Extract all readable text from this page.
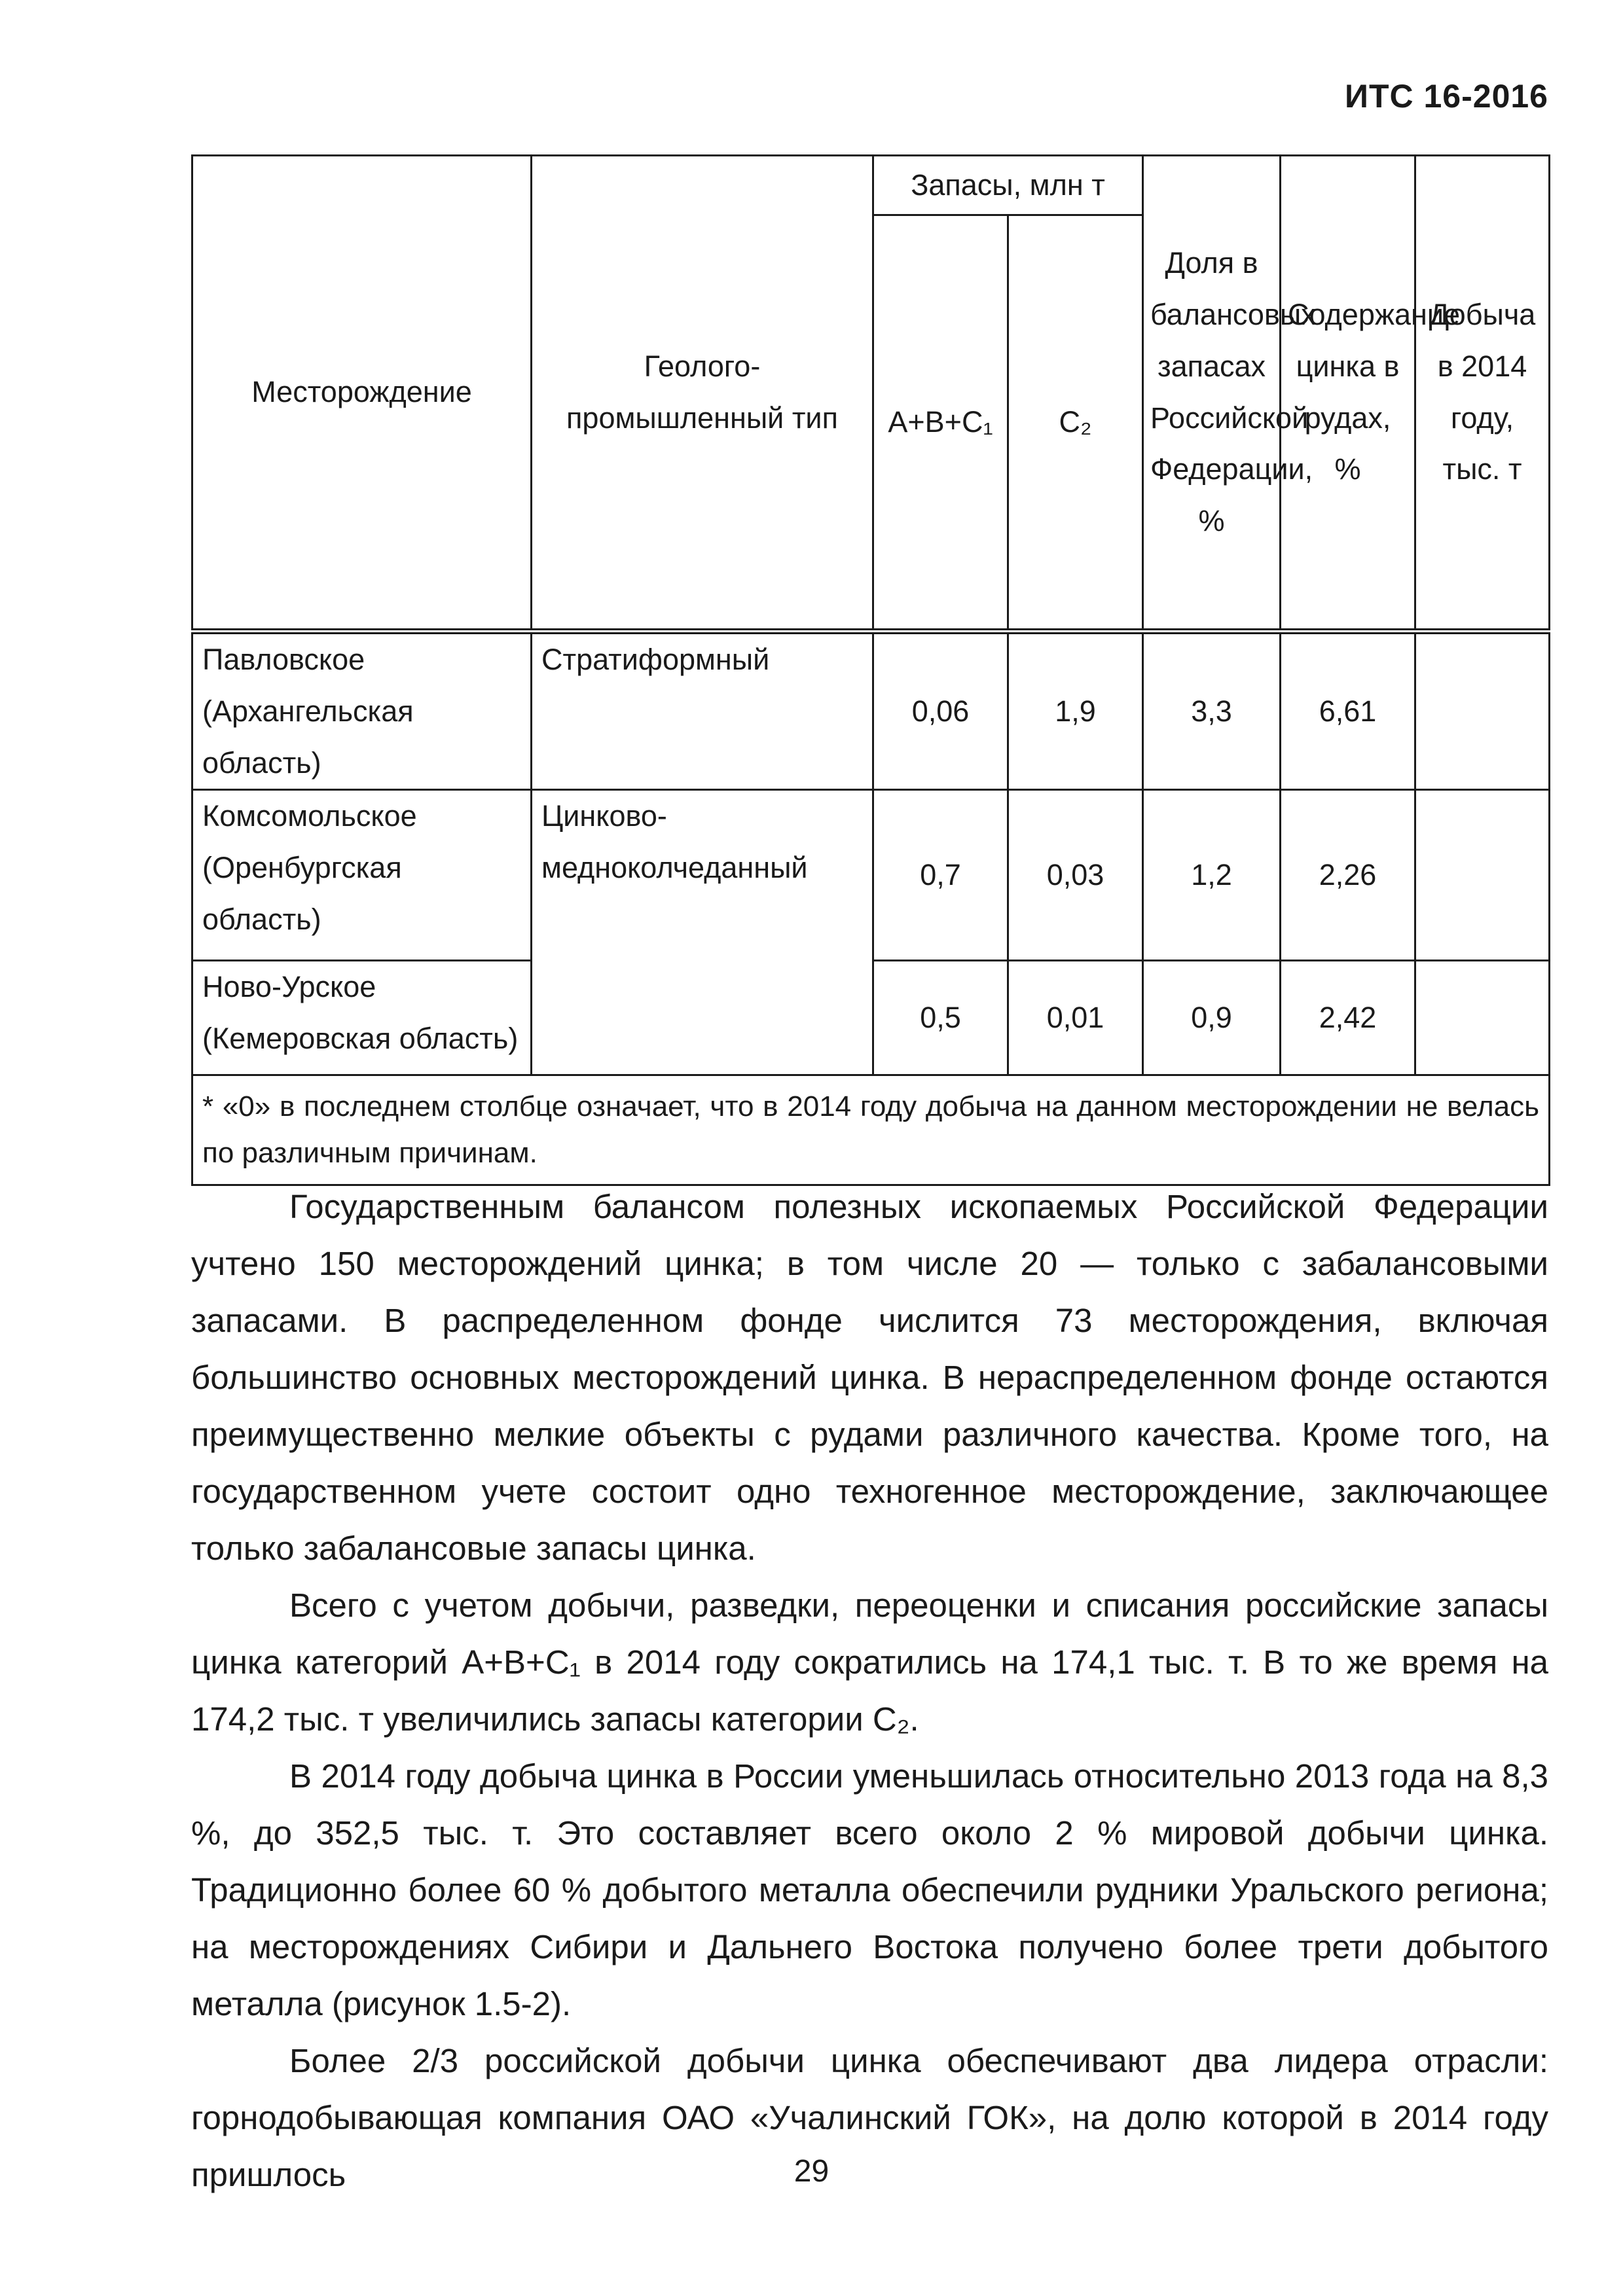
ИТС 16-2016
Месторождение	Геолого-промышленный тип	Запасы, млн т		Доля в балансовых запасах Российской Федерации, %	Содержание цинка в рудах, %	Добыча в 2014 году, тыс. т
		A+B+C₁	C₂			
Павловское (Архангельская область)	Стратиформный	0,06	1,9	3,3	6,61	
Комсомольское (Оренбургская область)	Цинково-медноколчеданный	0,7	0,03	1,2	2,26	
Ново-Урское (Кемеровская область)		0,5	0,01	0,9	2,42	
* «0» в последнем столбце означает, что в 2014 году добыча на данном месторождении не велась по различным причинам.						

Государственным балансом полезных ископаемых Российской Федерации учтено 150 месторождений цинка; в том числе 20 — только с забалансовыми запасами. В распределенном фонде числится 73 месторождения, включая большинство основных месторождений цинка. В нераспределенном фонде остаются преимущественно мелкие объекты с рудами различного качества. Кроме того, на государственном учете состоит одно техногенное месторождение, заключающее только забалансовые запасы цинка.

Всего с учетом добычи, разведки, переоценки и списания российские запасы цинка категорий А+В+С₁ в 2014 году сократились на 174,1 тыс. т. В то же время на 174,2 тыс. т увеличились запасы категории С₂.

В 2014 году добыча цинка в России уменьшилась относительно 2013 года на 8,3 %, до 352,5 тыс. т. Это составляет всего около 2 % мировой добычи цинка. Традиционно более 60 % добытого металла обеспечили рудники Уральского региона; на месторождениях Сибири и Дальнего Востока получено более трети добытого металла (рисунок 1.5-2).

Более 2/3 российской добычи цинка обеспечивают два лидера отрасли: горнодобывающая компания ОАО «Учалинский ГОК», на долю которой в 2014 году пришлось	29
